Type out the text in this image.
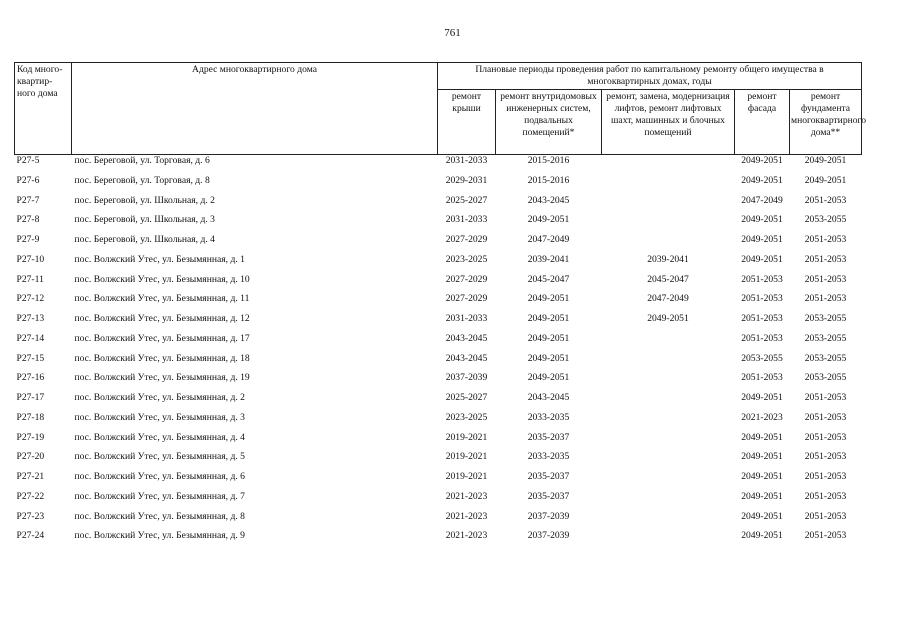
761
Код много-квартир-ного дома	Адрес многоквартирного дома	Плановые периоды проведения работ по капитальному ремонту общего имущества в многоквартирных домах, годы				
		ремонт крыши	ремонт внутридомовых инженерных систем, подвальных помещений*	ремонт, замена, модернизация лифтов, ремонт лифтовых шахт, машинных и блочных помещений	ремонт фасада	ремонт фундамента многоквартирного дома**
P27-5	пос. Береговой, ул. Торговая, д. 6	2031-2033	2015-2016		2049-2051	2049-2051
P27-6	пос. Береговой, ул. Торговая, д. 8	2029-2031	2015-2016		2049-2051	2049-2051
P27-7	пос. Береговой, ул. Школьная, д. 2	2025-2027	2043-2045		2047-2049	2051-2053
P27-8	пос. Береговой, ул. Школьная, д. 3	2031-2033	2049-2051		2049-2051	2053-2055
P27-9	пос. Береговой, ул. Школьная, д. 4	2027-2029	2047-2049		2049-2051	2051-2053
P27-10	пос. Волжский Утес, ул. Безымянная, д. 1	2023-2025	2039-2041	2039-2041	2049-2051	2051-2053
P27-11	пос. Волжский Утес, ул. Безымянная, д. 10	2027-2029	2045-2047	2045-2047	2051-2053	2051-2053
P27-12	пос. Волжский Утес, ул. Безымянная, д. 11	2027-2029	2049-2051	2047-2049	2051-2053	2051-2053
P27-13	пос. Волжский Утес, ул. Безымянная, д. 12	2031-2033	2049-2051	2049-2051	2051-2053	2053-2055
P27-14	пос. Волжский Утес, ул. Безымянная, д. 17	2043-2045	2049-2051		2051-2053	2053-2055
P27-15	пос. Волжский Утес, ул. Безымянная, д. 18	2043-2045	2049-2051		2053-2055	2053-2055
P27-16	пос. Волжский Утес, ул. Безымянная, д. 19	2037-2039	2049-2051		2051-2053	2053-2055
P27-17	пос. Волжский Утес, ул. Безымянная, д. 2	2025-2027	2043-2045		2049-2051	2051-2053
P27-18	пос. Волжский Утес, ул. Безымянная, д. 3	2023-2025	2033-2035		2021-2023	2051-2053
P27-19	пос. Волжский Утес, ул. Безымянная, д. 4	2019-2021	2035-2037		2049-2051	2051-2053
P27-20	пос. Волжский Утес, ул. Безымянная, д. 5	2019-2021	2033-2035		2049-2051	2051-2053
P27-21	пос. Волжский Утес, ул. Безымянная, д. 6	2019-2021	2035-2037		2049-2051	2051-2053
P27-22	пос. Волжский Утес, ул. Безымянная, д. 7	2021-2023	2035-2037		2049-2051	2051-2053
P27-23	пос. Волжский Утес, ул. Безымянная, д. 8	2021-2023	2037-2039		2049-2051	2051-2053
P27-24	пос. Волжский Утес, ул. Безымянная, д. 9	2021-2023	2037-2039		2049-2051	2051-2053
